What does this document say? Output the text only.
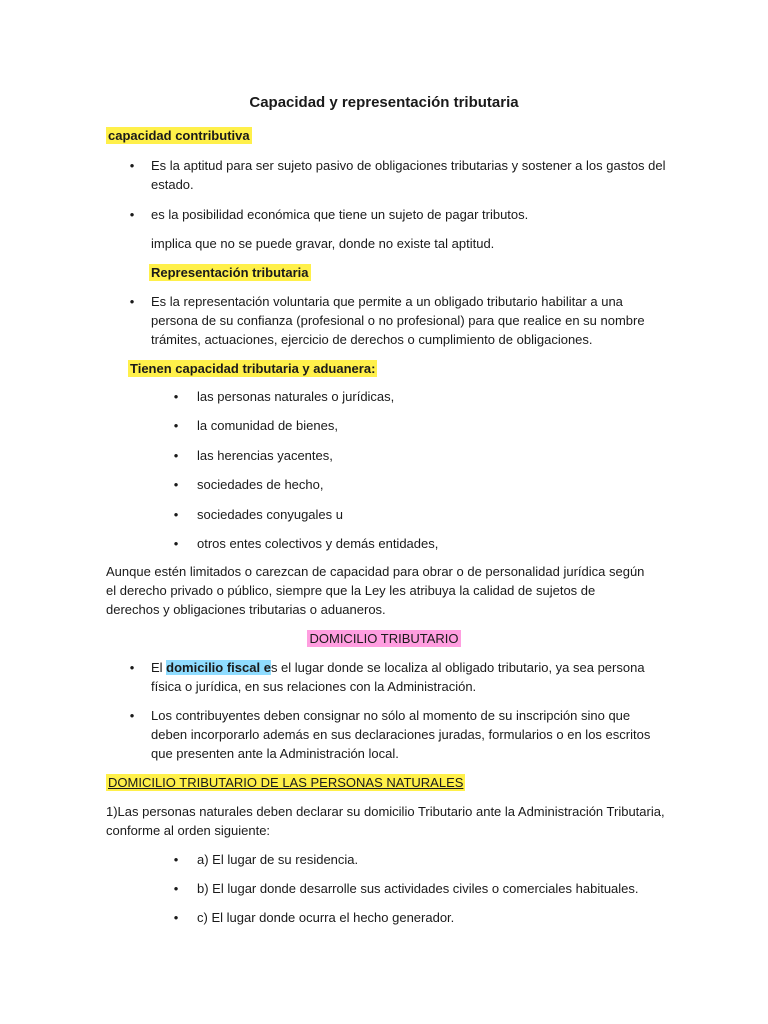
Capacidad y representación tributaria
capacidad contributiva
• Es la aptitud para ser sujeto pasivo de obligaciones tributarias y sostener a los gastos del estado.
• es la posibilidad económica que tiene un sujeto de pagar tributos.
implica que no se puede gravar, donde no existe tal aptitud.
Representación tributaria
• Es la representación voluntaria que permite a un obligado tributario habilitar a una persona de su confianza (profesional o no profesional) para que realice en su nombre trámites, actuaciones, ejercicio de derechos o cumplimiento de obligaciones.
Tienen capacidad tributaria y aduanera:
• las personas naturales o jurídicas,
• la comunidad de bienes,
• las herencias yacentes,
• sociedades de hecho,
• sociedades conyugales u
• otros entes colectivos y demás entidades,
Aunque estén limitados o carezcan de capacidad para obrar o de personalidad jurídica según el derecho privado o público, siempre que la Ley les atribuya la calidad de sujetos de derechos y obligaciones tributarias o aduaneros.
DOMICILIO TRIBUTARIO
• El domicilio fiscal es el lugar donde se localiza al obligado tributario, ya sea persona física o jurídica, en sus relaciones con la Administración.
• Los contribuyentes deben consignar no sólo al momento de su inscripción sino que deben incorporarlo además en sus declaraciones juradas, formularios o en los escritos que presenten ante la Administración local.
DOMICILIO TRIBUTARIO DE LAS PERSONAS NATURALES
1)Las personas naturales deben declarar su domicilio Tributario ante la Administración Tributaria, conforme al orden siguiente:
• a) El lugar de su residencia.
• b) El lugar donde desarrolle sus actividades civiles o comerciales habituales.
• c) El lugar donde ocurra el hecho generador.
